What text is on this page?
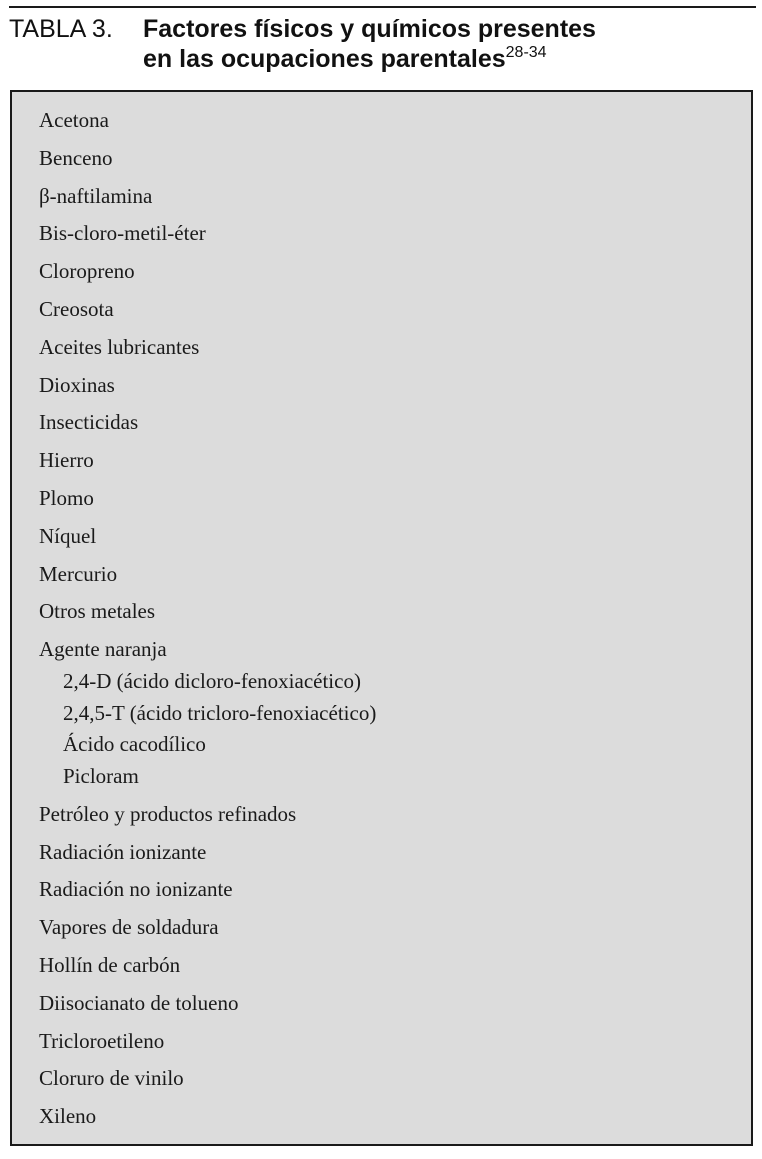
TABLA 3. Factores físicos y químicos presentes
en las ocupaciones parentales$^{28-34}$
Acetona
Benceno
β-naftilamina
Bis-cloro-metil-éter
Cloropreno
Creosota
Aceites lubricantes
Dioxinas
Insecticidas
Hierro
Plomo
Níquel
Mercurio
Otros metales
Agente naranja
2,4-D (ácido dicloro-fenoxiacético)
2,4,5-T (ácido tricloro-fenoxiacético)
Ácido cacodílico
Picloram
Petróleo y productos refinados
Radiación ionizante
Radiación no ionizante
Vapores de soldadura
Hollín de carbón
Diisocianato de tolueno
Tricloroetileno
Cloruro de vinilo
Xileno
